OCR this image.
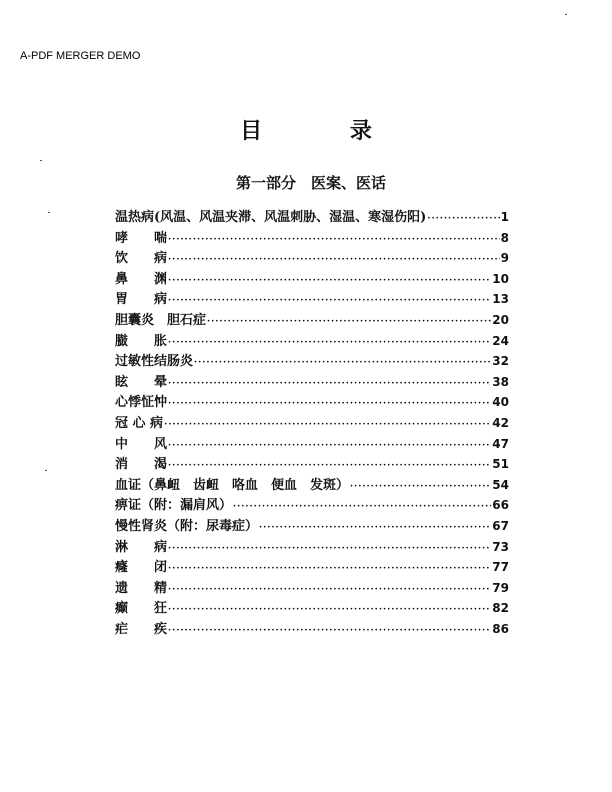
A-PDF MERGER DEMO
目 录
第一部分　医案、医话
温热病(风温、风温夹滞、风温刺胁、湿温、寒湿伤阳) ·····	1
哮　　喘 ·····	8
饮　　病 ·····	9
鼻　　渊 ·····	10
胃　　病 ·····	13
胆囊炎　胆石症 ·····	20
臌　　胀 ·····	24
过敏性结肠炎 ·····	32
眩　　晕 ·····	38
心悸怔忡 ·····	40
冠 心 病 ·····	42
中　　风 ·····	47
消　　渴 ·····	51
血证（鼻衄　齿衄　咯血　便血　发斑） ·····	54
痹证（附：漏肩风） ·····	66
慢性肾炎（附：尿毒症） ·····	67
淋　　病 ·····	73
癃　　闭 ·····	77
遗　　精 ·····	79
癫　　狂 ·····	82
疟　　疾 ·····	86
